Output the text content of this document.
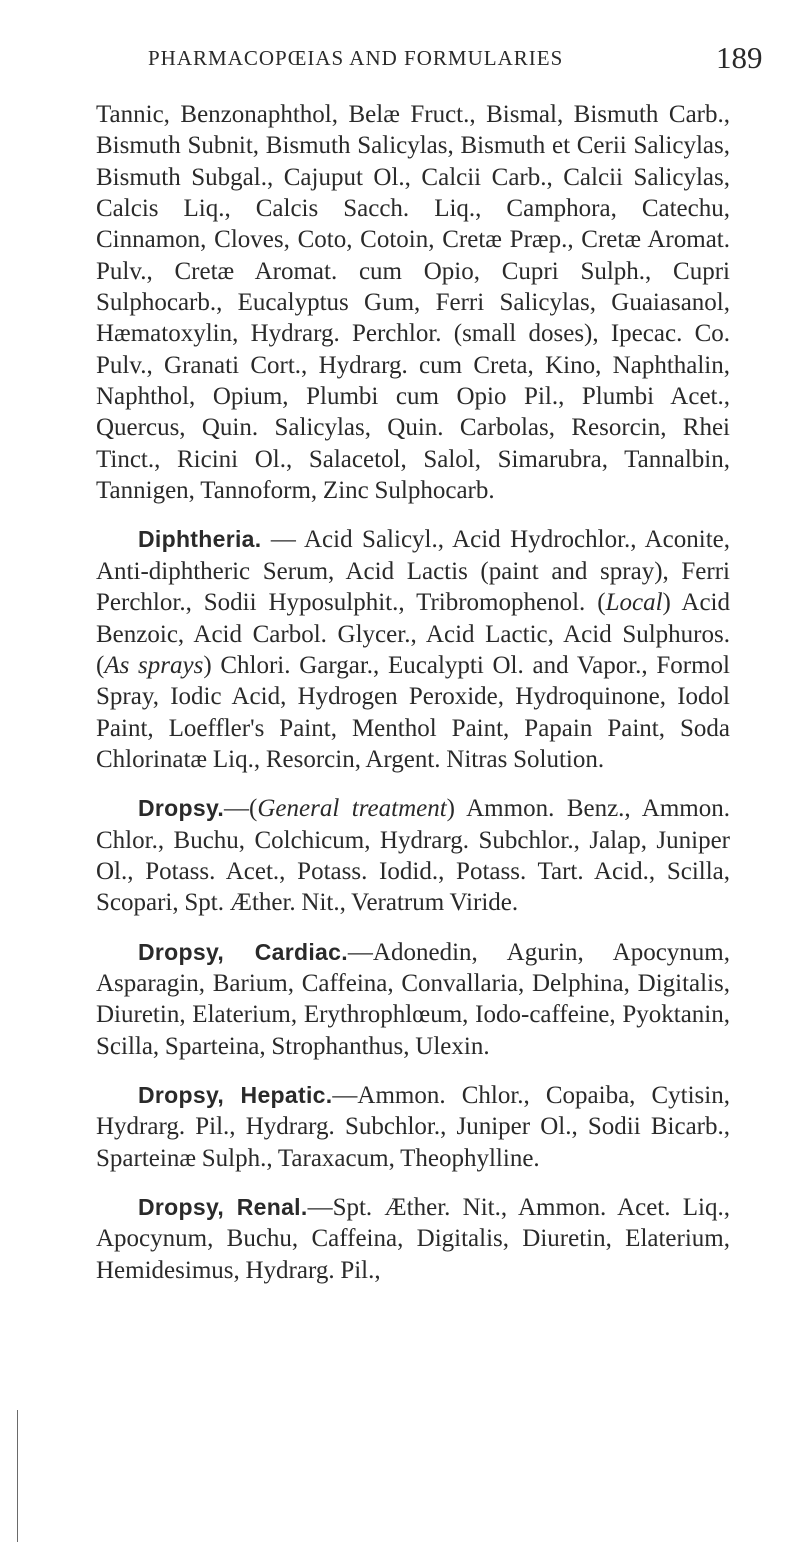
PHARMACOPŒIAS AND FORMULARIES	189

Tannic, Benzonaphthol, Belæ Fruct., Bismal, Bismuth Carb., Bismuth Subnit, Bismuth Salicylas, Bismuth et Cerii Salicylas, Bismuth Subgal., Cajuput Ol., Calcii Carb., Calcii Salicylas, Calcis Liq., Calcis Sacch. Liq., Camphora, Catechu, Cinnamon, Cloves, Coto, Cotoin, Cretæ Præp., Cretæ Aromat. Pulv., Cretæ Aromat. cum Opio, Cupri Sulph., Cupri Sulphocarb., Eucalyptus Gum, Ferri Salicylas, Guaiasanol, Hæmatoxylin, Hydrarg. Perchlor. (small doses), Ipecac. Co. Pulv., Granati Cort., Hydrarg. cum Creta, Kino, Naphthalin, Naphthol, Opium, Plumbi cum Opio Pil., Plumbi Acet., Quercus, Quin. Salicylas, Quin. Carbolas, Resorcin, Rhei Tinct., Ricini Ol., Salacetol, Salol, Simarubra, Tannalbin, Tannigen, Tannoform, Zinc Sulphocarb.

Diphtheria. — Acid Salicyl., Acid Hydrochlor., Aconite, Anti-diphtheric Serum, Acid Lactis (paint and spray), Ferri Perchlor., Sodii Hyposulphit., Tribromophenol. (Local) Acid Benzoic, Acid Carbol. Glycer., Acid Lactic, Acid Sulphuros. (As sprays) Chlori. Gargar., Eucalypti Ol. and Vapor., Formol Spray, Iodic Acid, Hydrogen Peroxide, Hydroquinone, Iodol Paint, Loeffler's Paint, Menthol Paint, Papain Paint, Soda Chlorinatæ Liq., Resorcin, Argent. Nitras Solution.

Dropsy.—(General treatment) Ammon. Benz., Ammon. Chlor., Buchu, Colchicum, Hydrarg. Subchlor., Jalap, Juniper Ol., Potass. Acet., Potass. Iodid., Potass. Tart. Acid., Scilla, Scopari, Spt. Æther. Nit., Veratrum Viride.

Dropsy, Cardiac.—Adonedin, Agurin, Apocynum, Asparagin, Barium, Caffeina, Convallaria, Delphina, Digitalis, Diuretin, Elaterium, Erythrophlœum, Iodo-caffeine, Pyoktanin, Scilla, Sparteina, Strophanthus, Ulexin.

Dropsy, Hepatic.—Ammon. Chlor., Copaiba, Cytisin, Hydrarg. Pil., Hydrarg. Subchlor., Juniper Ol., Sodii Bicarb., Sparteinæ Sulph., Taraxacum, Theophylline.

Dropsy, Renal.—Spt. Æther. Nit., Ammon. Acet. Liq., Apocynum, Buchu, Caffeina, Digitalis, Diuretin, Elaterium, Hemidesimus, Hydrarg. Pil.,
